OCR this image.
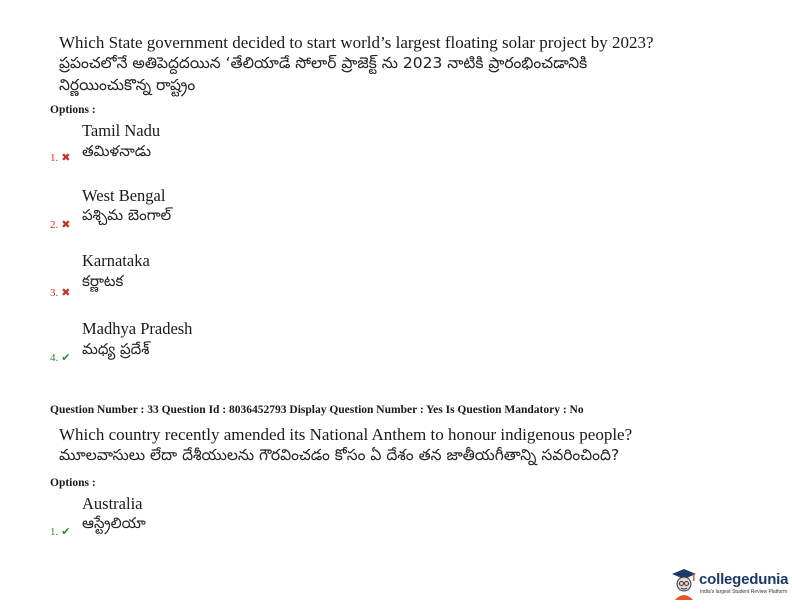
Which State government decided to start world’s largest floating solar project by 2023?
ప్రపంచలోనే అతిపెద్దదయిన ‘తేలియాడే సోలార్ ప్రాజెక్ట్ ను 2023 నాటికి ప్రారంభించడానికి
నిర్ణయించుకొన్న రాష్ట్రం
Options :
Tamil Nadu
తమిళనాడు
1. ✖
West Bengal
పశ్చిమ బెంగాల్
2. ✖
Karnataka
కర్ణాటక
3. ✖
Madhya Pradesh
మధ్య ప్రదేశ్
4. ✔
Question Number : 33 Question Id : 8036452793 Display Question Number : Yes Is Question Mandatory : No
Which country recently amended its National Anthem to honour indigenous people?
మూలవాసులు లేదా దేశీయులను గౌరవించడం కోసం ఏ దేశం తన జాతీయగీతాన్ని సవరించింది?
Options :
Australia
ఆస్ట్రేలియా
1. ✔
collegedunia
India's largest Student Review Platform
